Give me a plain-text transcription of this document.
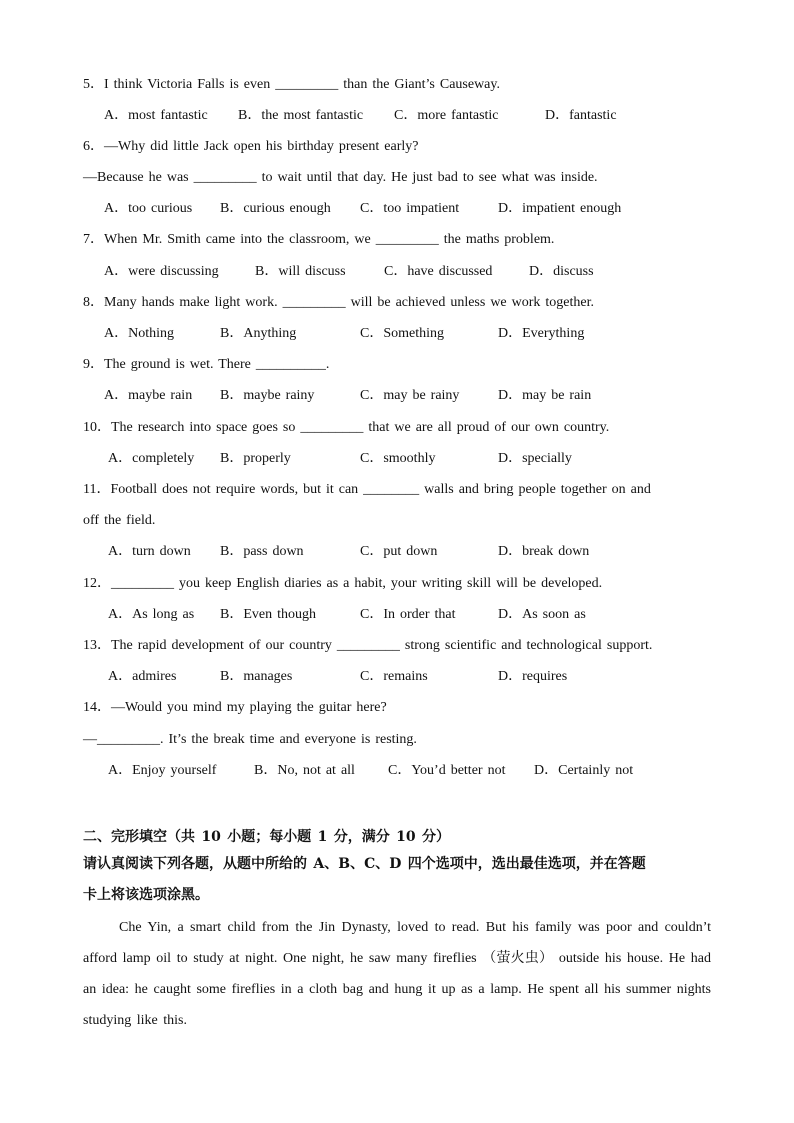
5．I think Victoria Falls is even _________ than the Giant’s Causeway.
A．most fantastic B．the most fantastic C．more fantastic	D．fantastic
6．—Why did little Jack open his birthday present early?
—Because he was _________ to wait until that day. He just bad to see what was inside.
A．too curious B．curious enough C．too impatient	D．impatient enough
7．When Mr. Smith came into the classroom, we _________ the maths problem.
A．were discussing	B．will discuss	C．have discussed	D．discuss
8．Many hands make light work. _________ will be achieved unless we work together.
A．Nothing	B．Anything	C．Something	D．Everything
9．The ground is wet. There __________.
A．maybe rain B．maybe rainy	C．may be rainy	D．may be rain
10．The research into space goes so _________ that we are all proud of our own country.
A．completely B．properly	C．smoothly	D．specially
11．Football does not require words, but it can ________ walls and bring people together on and
off the field.
A．turn down B．pass down	C．put down	D．break down
12．_________ you keep English diaries as a habit, your writing skill will be developed.
A．As long as B．Even though	C．In order that	D．As soon as
13．The rapid development of our country _________ strong scientific and technological support.
A．admires	B．manages	C．remains	D．requires
14．—Would you mind my playing the guitar here?
—_________. It’s the break time and everyone is resting.
A．Enjoy yourself	B．No, not at all C．You’d better not D．Certainly not
二、完形填空（共 10 小题；每小题 1 分，满分 10 分）
请认真阅读下列各题，从题中所给的 A、B、C、D 四个选项中，选出最佳选项，并在答题
卡上将该选项涂黑。
Che Yin, a smart child from the Jin Dynasty, loved to read. But his family was poor and couldn’t afford lamp oil to study at night. One night, he saw many fireflies （萤火虫） outside his house. He had an idea: he caught some fireflies in a cloth bag and hung it up as a lamp. He spent all his summer nights studying like this.
